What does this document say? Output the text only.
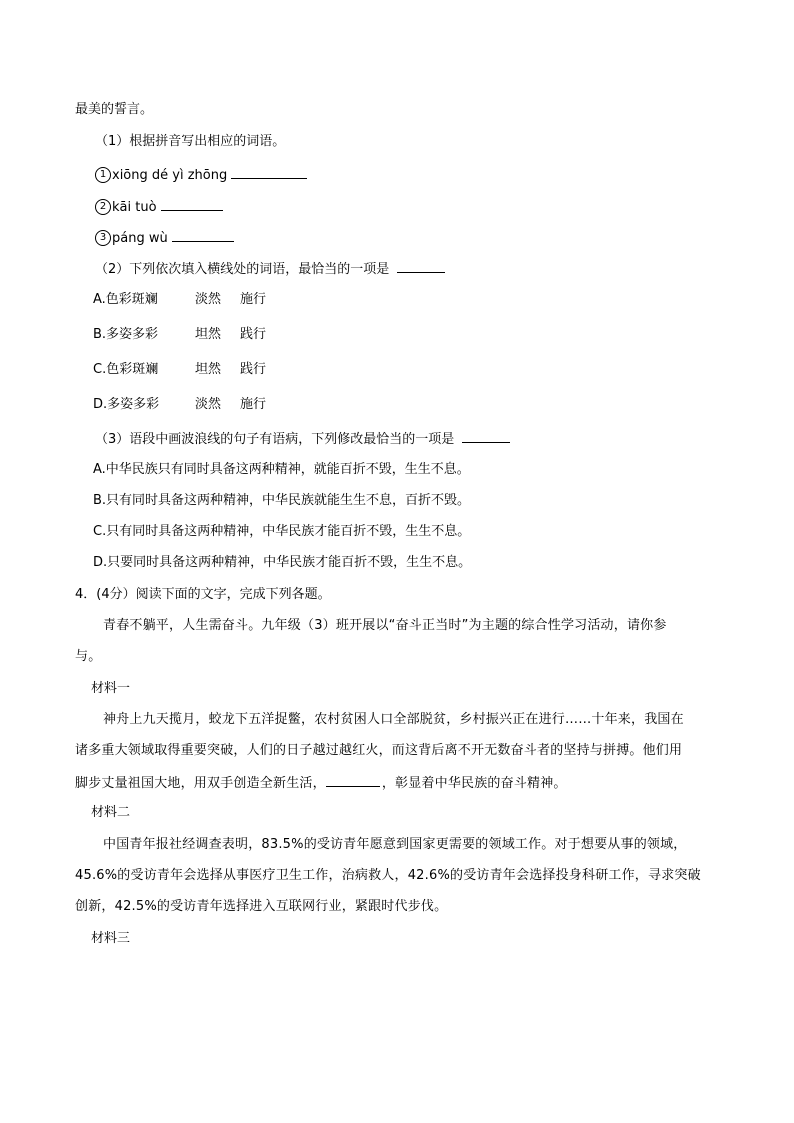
最美的誓言。
（1）根据拼音写出相应的词语。
1 xiōng dé yì zhōng
2 kāi tuò
3 páng wù
（2）下列依次填入横线处的词语，最恰当的一项是
A.色彩斑斓	淡然 施行
B.多姿多彩	坦然 践行
C.色彩斑斓	坦然 践行
D.多姿多彩	淡然 施行
（3）语段中画波浪线的句子有语病，下列修改最恰当的一项是
A.中华民族只有同时具备这两种精神，就能百折不毁，生生不息。
B.只有同时具备这两种精神，中华民族就能生生不息，百折不毁。
C.只有同时具备这两种精神，中华民族才能百折不毁，生生不息。
D.只要同时具备这两种精神，中华民族才能百折不毁，生生不息。
4．(4分）阅读下面的文字，完成下列各题。
青春不躺平，人生需奋斗。九年级（3）班开展以“奋斗正当时”为主题的综合性学习活动，请你参
与。
材料一
神舟上九天揽月，蛟龙下五洋捉鳖，农村贫困人口全部脱贫，乡村振兴正在进行……十年来，我国在
诸多重大领域取得重要突破，人们的日子越过越红火，而这背后离不开无数奋斗者的坚持与拼搏。他们用
脚步丈量祖国大地，用双手创造全新生活，	，彰显着中华民族的奋斗精神。
材料二
中国青年报社经调查表明，83.5%的受访青年愿意到国家更需要的领域工作。对于想要从事的领域，
45.6%的受访青年会选择从事医疗卫生工作，治病救人，42.6%的受访青年会选择投身科研工作，寻求突破
创新，42.5%的受访青年选择进入互联网行业，紧跟时代步伐。
材料三
